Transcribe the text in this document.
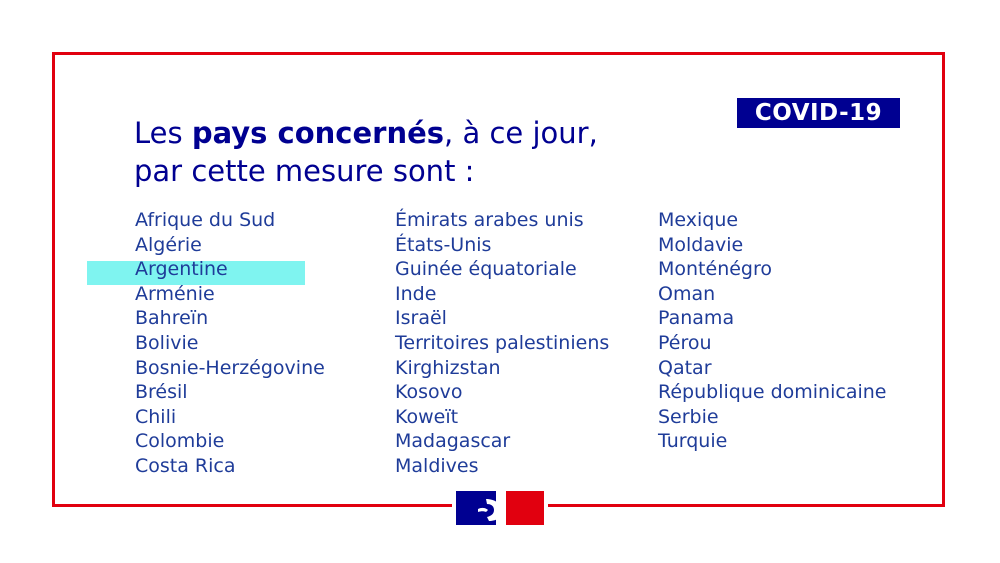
COVID-19
Les pays concernés, à ce jour,
par cette mesure sont :
Afrique du Sud
Algérie
Argentine
Arménie
Bahreïn
Bolivie
Bosnie-Herzégovine
Brésil
Chili
Colombie
Costa Rica
Émirats arabes unis
États-Unis
Guinée équatoriale
Inde
Israël
Territoires palestiniens
Kirghizstan
Kosovo
Koweït
Madagascar
Maldives
Mexique
Moldavie
Monténégro
Oman
Panama
Pérou
Qatar
République dominicaine
Serbie
Turquie
